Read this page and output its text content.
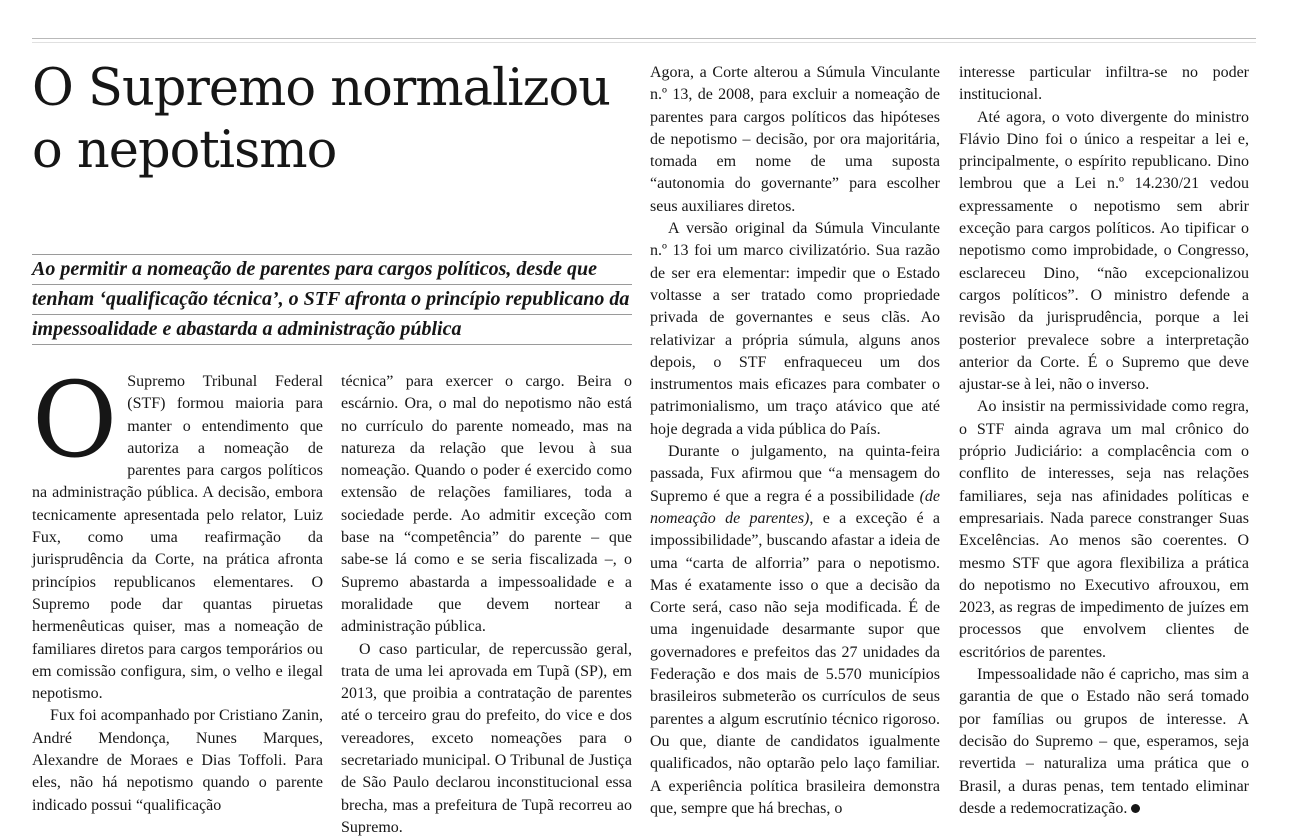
O Supremo normalizou o nepotismo

Ao permitir a nomeação de parentes para cargos políticos, desde que tenham ‘qualificação técnica’, o STF afronta o princípio republicano da impessoalidade e abastarda a administração pública

O Supremo Tribunal Federal (STF) formou maioria para manter o entendimento que autoriza a nomeação de parentes para cargos políticos na administração pública. A decisão, embora tecnicamente apresentada pelo relator, Luiz Fux, como uma reafirmação da jurisprudência da Corte, na prática afronta princípios republicanos elementares. O Supremo pode dar quantas piruetas hermenêuticas quiser, mas a nomeação de familiares diretos para cargos temporários ou em comissão configura, sim, o velho e ilegal nepotismo.

Fux foi acompanhado por Cristiano Zanin, André Mendonça, Nunes Marques, Alexandre de Moraes e Dias Toffoli. Para eles, não há nepotismo quando o parente indicado possui “qualificação

técnica” para exercer o cargo. Beira o escárnio. Ora, o mal do nepotismo não está no currículo do parente nomeado, mas na natureza da relação que levou à sua nomeação. Quando o poder é exercido como extensão de relações familiares, toda a sociedade perde. Ao admitir exceção com base na “competência” do parente – que sabe-se lá como e se seria fiscalizada –, o Supremo abastarda a impessoalidade e a moralidade que devem nortear a administração pública.

O caso particular, de repercussão geral, trata de uma lei aprovada em Tupã (SP), em 2013, que proibia a contratação de parentes até o terceiro grau do prefeito, do vice e dos vereadores, exceto nomeações para o secretariado municipal. O Tribunal de Justiça de São Paulo declarou inconstitucional essa brecha, mas a prefeitura de Tupã recorreu ao Supremo.

Agora, a Corte alterou a Súmula Vinculante n.º 13, de 2008, para excluir a nomeação de parentes para cargos políticos das hipóteses de nepotismo – decisão, por ora majoritária, tomada em nome de uma suposta “autonomia do governante” para escolher seus auxiliares diretos.

A versão original da Súmula Vinculante n.º 13 foi um marco civilizatório. Sua razão de ser era elementar: impedir que o Estado voltasse a ser tratado como propriedade privada de governantes e seus clãs. Ao relativizar a própria súmula, alguns anos depois, o STF enfraqueceu um dos instrumentos mais eficazes para combater o patrimonialismo, um traço atávico que até hoje degrada a vida pública do País.

Durante o julgamento, na quinta-feira passada, Fux afirmou que “a mensagem do Supremo é que a regra é a possibilidade (de nomeação de parentes), e a exceção é a impossibilidade”, buscando afastar a ideia de uma “carta de alforria” para o nepotismo. Mas é exatamente isso o que a decisão da Corte será, caso não seja modificada. É de uma ingenuidade desarmante supor que governadores e prefeitos das 27 unidades da Federação e dos mais de 5.570 municípios brasileiros submeterão os currículos de seus parentes a algum escrutínio técnico rigoroso. Ou que, diante de candidatos igualmente qualificados, não optarão pelo laço familiar. A experiência política brasileira demonstra que, sempre que há brechas, o

interesse particular infiltra-se no poder institucional.

Até agora, o voto divergente do ministro Flávio Dino foi o único a respeitar a lei e, principalmente, o espírito republicano. Dino lembrou que a Lei n.º 14.230/21 vedou expressamente o nepotismo sem abrir exceção para cargos políticos. Ao tipificar o nepotismo como improbidade, o Congresso, esclareceu Dino, “não excepcionalizou cargos políticos”. O ministro defende a revisão da jurisprudência, porque a lei posterior prevalece sobre a interpretação anterior da Corte. É o Supremo que deve ajustar-se à lei, não o inverso.

Ao insistir na permissividade como regra, o STF ainda agrava um mal crônico do próprio Judiciário: a complacência com o conflito de interesses, seja nas relações familiares, seja nas afinidades políticas e empresariais. Nada parece constranger Suas Excelências. Ao menos são coerentes. O mesmo STF que agora flexibiliza a prática do nepotismo no Executivo afrouxou, em 2023, as regras de impedimento de juízes em processos que envolvem clientes de escritórios de parentes.

Impessoalidade não é capricho, mas sim a garantia de que o Estado não será tomado por famílias ou grupos de interesse. A decisão do Supremo – que, esperamos, seja revertida – naturaliza uma prática que o Brasil, a duras penas, tem tentado eliminar desde a redemocratização.
